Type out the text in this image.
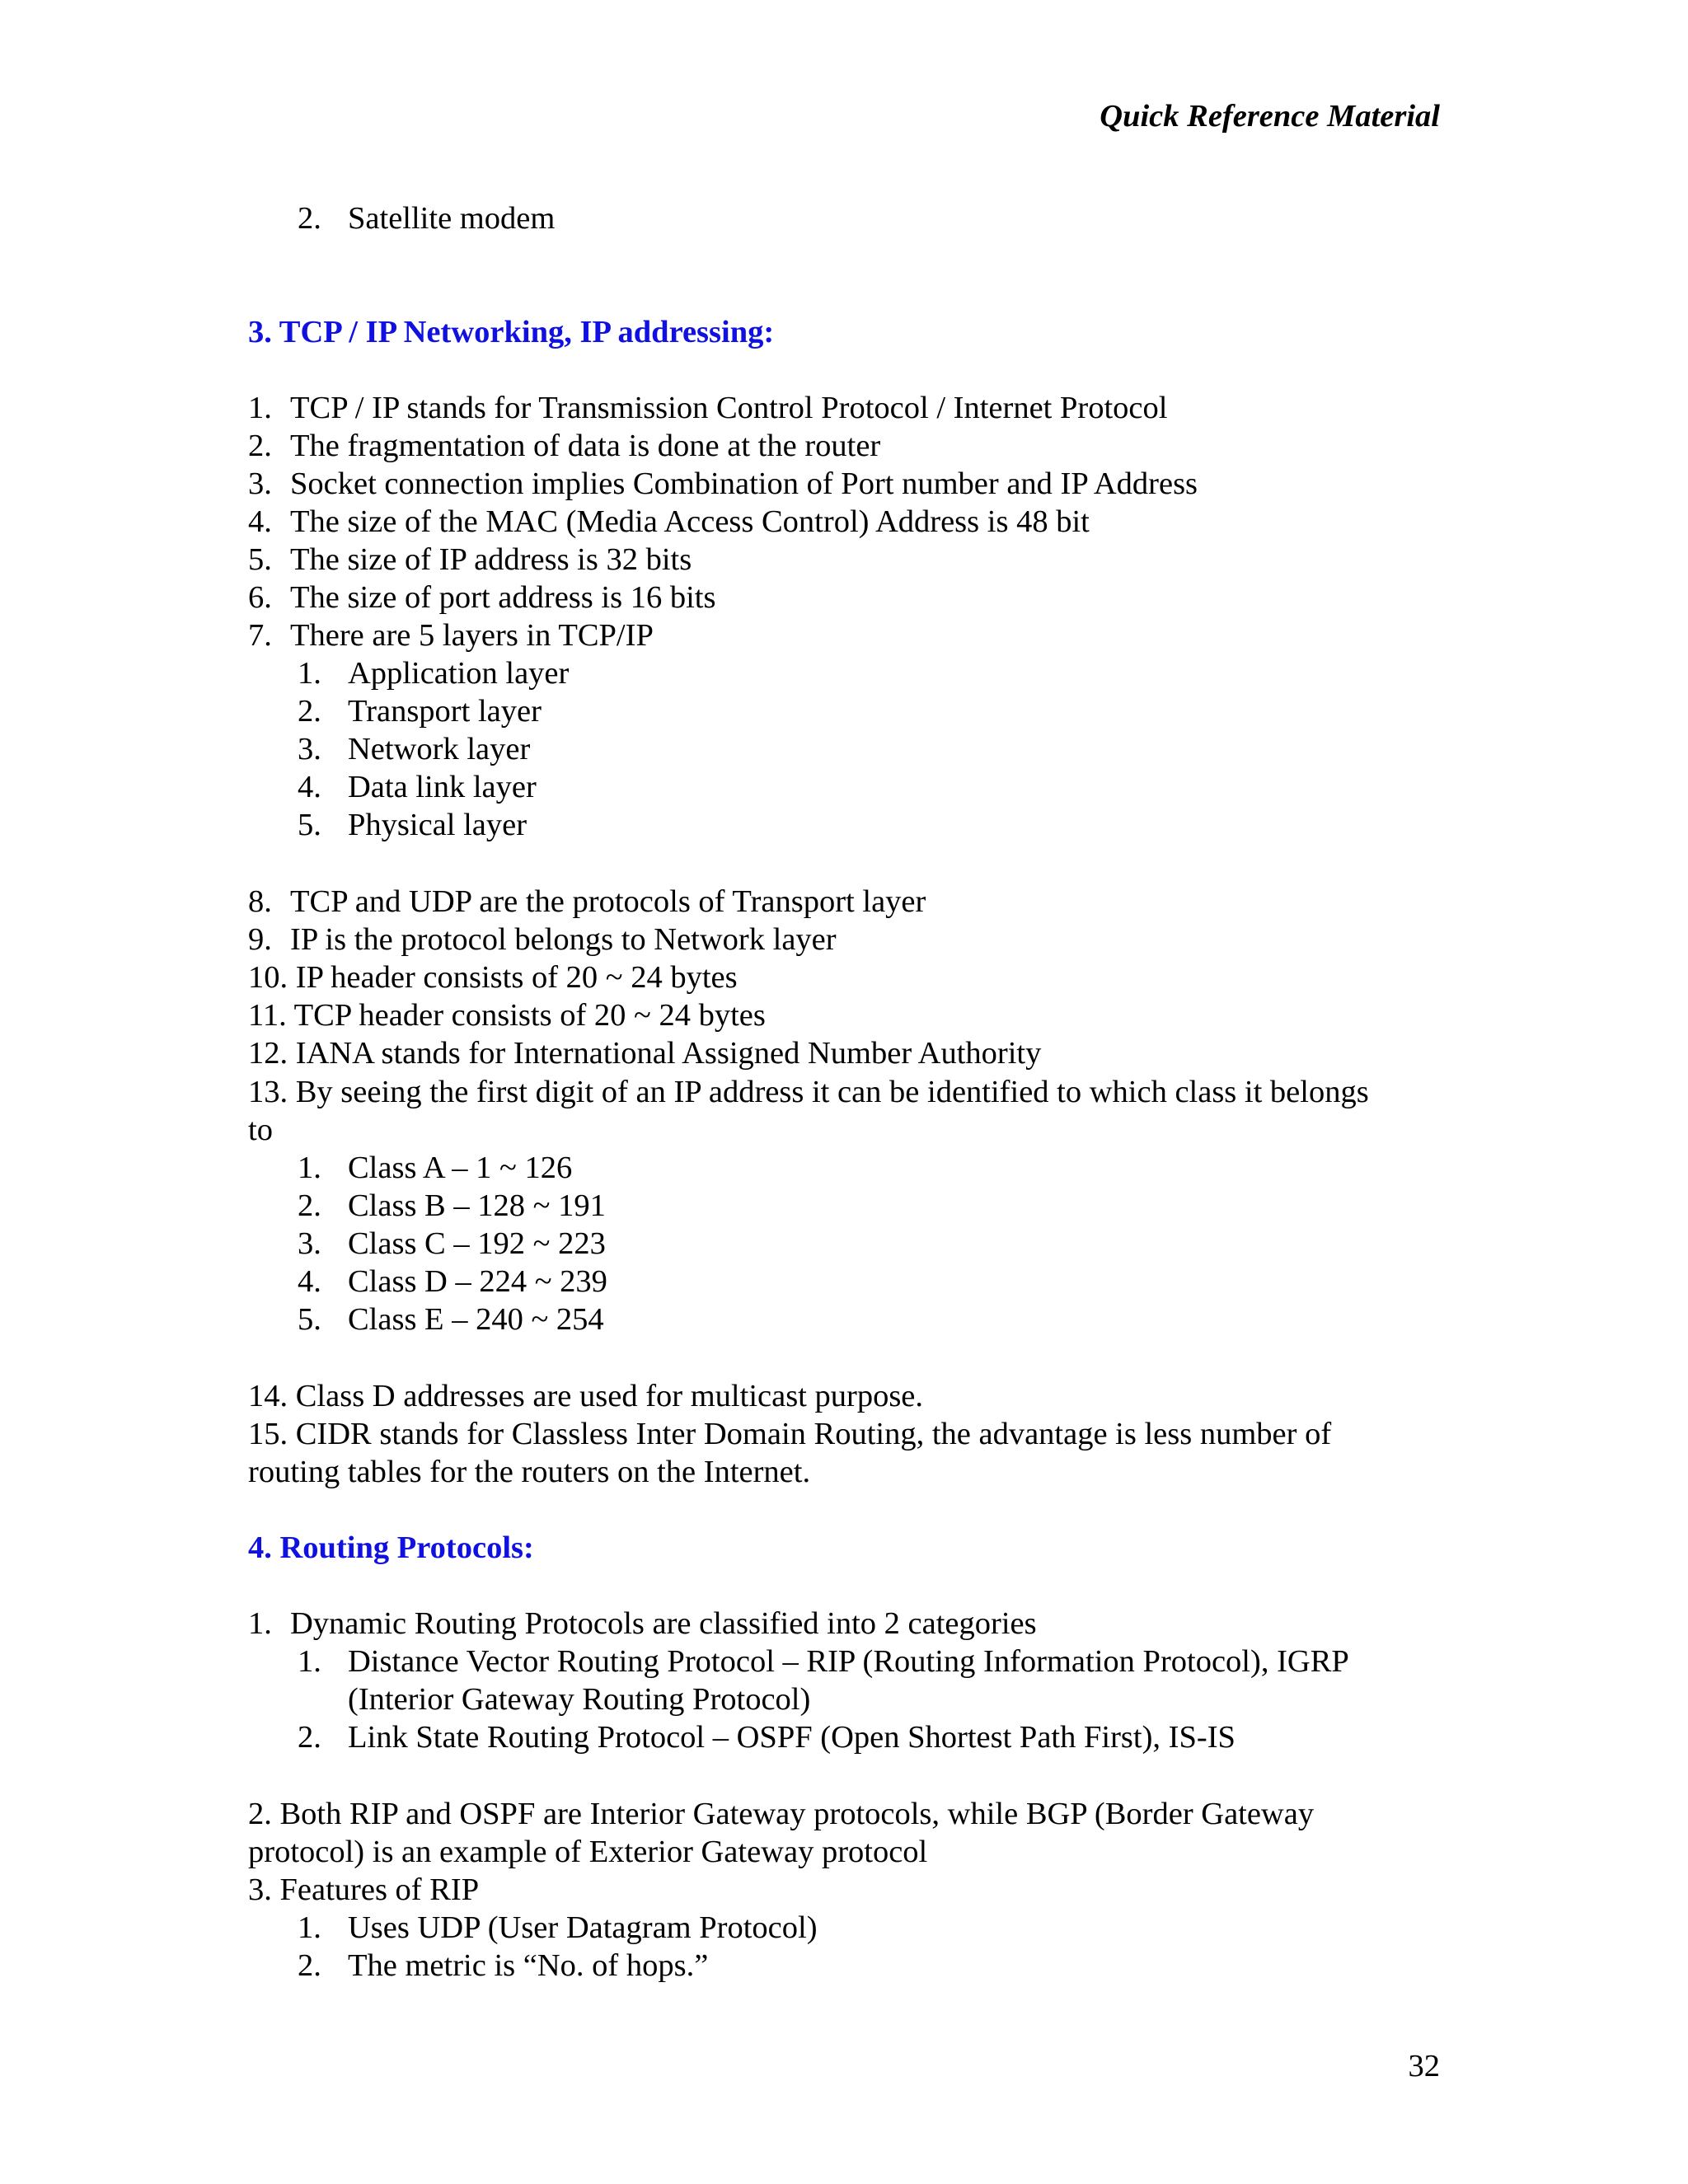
Quick Reference Material
2. Satellite modem
3. TCP / IP Networking, IP addressing:
1. TCP / IP stands for Transmission Control Protocol / Internet Protocol
2. The fragmentation of data is done at the router
3. Socket connection implies Combination of Port number and IP Address
4. The size of the MAC (Media Access Control) Address is 48 bit
5. The size of IP address is 32 bits
6. The size of port address is 16 bits
7. There are 5 layers in TCP/IP
1. Application layer
2. Transport layer
3. Network layer
4. Data link layer
5. Physical layer
8. TCP and UDP are the protocols of Transport layer
9. IP is the protocol belongs to Network layer
10. IP header consists of 20 ~ 24 bytes
11. TCP header consists of 20 ~ 24 bytes
12. IANA stands for International Assigned Number Authority
13. By seeing the first digit of an IP address it can be identified to which class it belongs
to
1. Class A – 1 ~ 126
2. Class B – 128 ~ 191
3. Class C – 192 ~ 223
4. Class D – 224 ~ 239
5. Class E – 240 ~ 254
14. Class D addresses are used for multicast purpose.
15. CIDR stands for Classless Inter Domain Routing, the advantage is less number of
routing tables for the routers on the Internet.
4. Routing Protocols:
1. Dynamic Routing Protocols are classified into 2 categories
1. Distance Vector Routing Protocol – RIP (Routing Information Protocol), IGRP
(Interior Gateway Routing Protocol)
2. Link State Routing Protocol – OSPF (Open Shortest Path First), IS-IS
2. Both RIP and OSPF are Interior Gateway protocols, while BGP (Border Gateway
protocol) is an example of Exterior Gateway protocol
3. Features of RIP
1. Uses UDP (User Datagram Protocol)
2. The metric is “No. of hops.”
32
